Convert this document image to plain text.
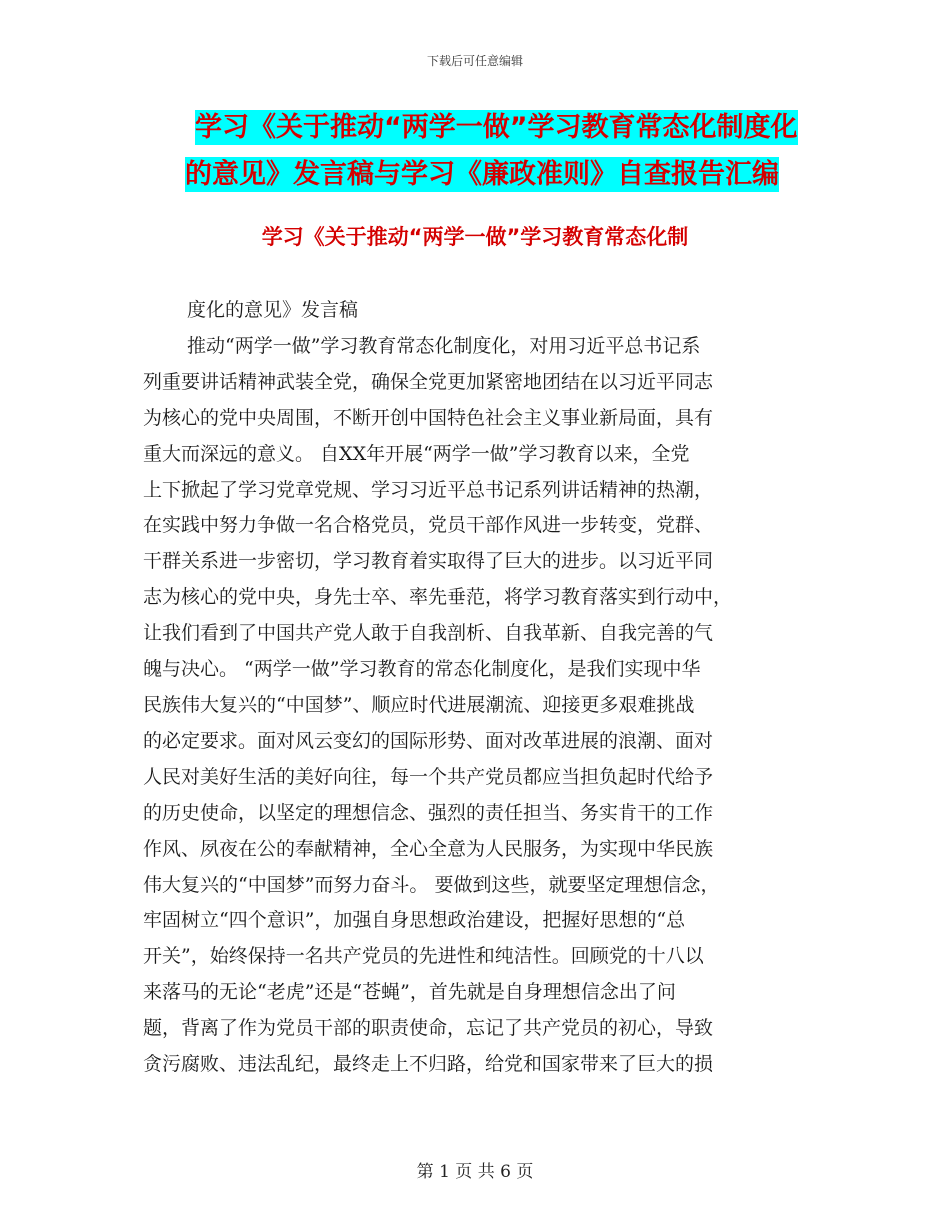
下载后可任意编辑
学习《关于推动“两学一做”学习教育常态化制度化
的意见》发言稿与学习《廉政准则》自查报告汇编
学习《关于推动“两学一做”学习教育常态化制

度化的意见》发言稿

推动“两学一做”学习教育常态化制度化，对用习近平总书记系

列重要讲话精神武装全党，确保全党更加紧密地团结在以习近平同志

为核心的党中央周围，不断开创中国特色社会主义事业新局面，具有

重大而深远的意义。 自XX年开展“两学一做”学习教育以来，全党

上下掀起了学习党章党规、学习习近平总书记系列讲话精神的热潮，

在实践中努力争做一名合格党员，党员干部作风进一步转变，党群、

干群关系进一步密切，学习教育着实取得了巨大的进步。以习近平同

志为核心的党中央，身先士卒、率先垂范，将学习教育落实到行动中，

让我们看到了中国共产党人敢于自我剖析、自我革新、自我完善的气

魄与决心。 “两学一做”学习教育的常态化制度化，是我们实现中华

民族伟大复兴的“中国梦”、顺应时代进展潮流、迎接更多艰难挑战

的必定要求。面对风云变幻的国际形势、面对改革进展的浪潮、面对

人民对美好生活的美好向往，每一个共产党员都应当担负起时代给予

的历史使命，以坚定的理想信念、强烈的责任担当、务实肯干的工作

作风、夙夜在公的奉献精神，全心全意为人民服务，为实现中华民族

伟大复兴的“中国梦”而努力奋斗。 要做到这些，就要坚定理想信念，

牢固树立“四个意识”，加强自身思想政治建设，把握好思想的“总

开关”，始终保持一名共产党员的先进性和纯洁性。回顾党的十八以

来落马的无论“老虎”还是“苍蝇”，首先就是自身理想信念出了问

题，背离了作为党员干部的职责使命，忘记了共产党员的初心，导致

贪污腐败、违法乱纪，最终走上不归路，给党和国家带来了巨大的损

第 1 页 共 6 页
